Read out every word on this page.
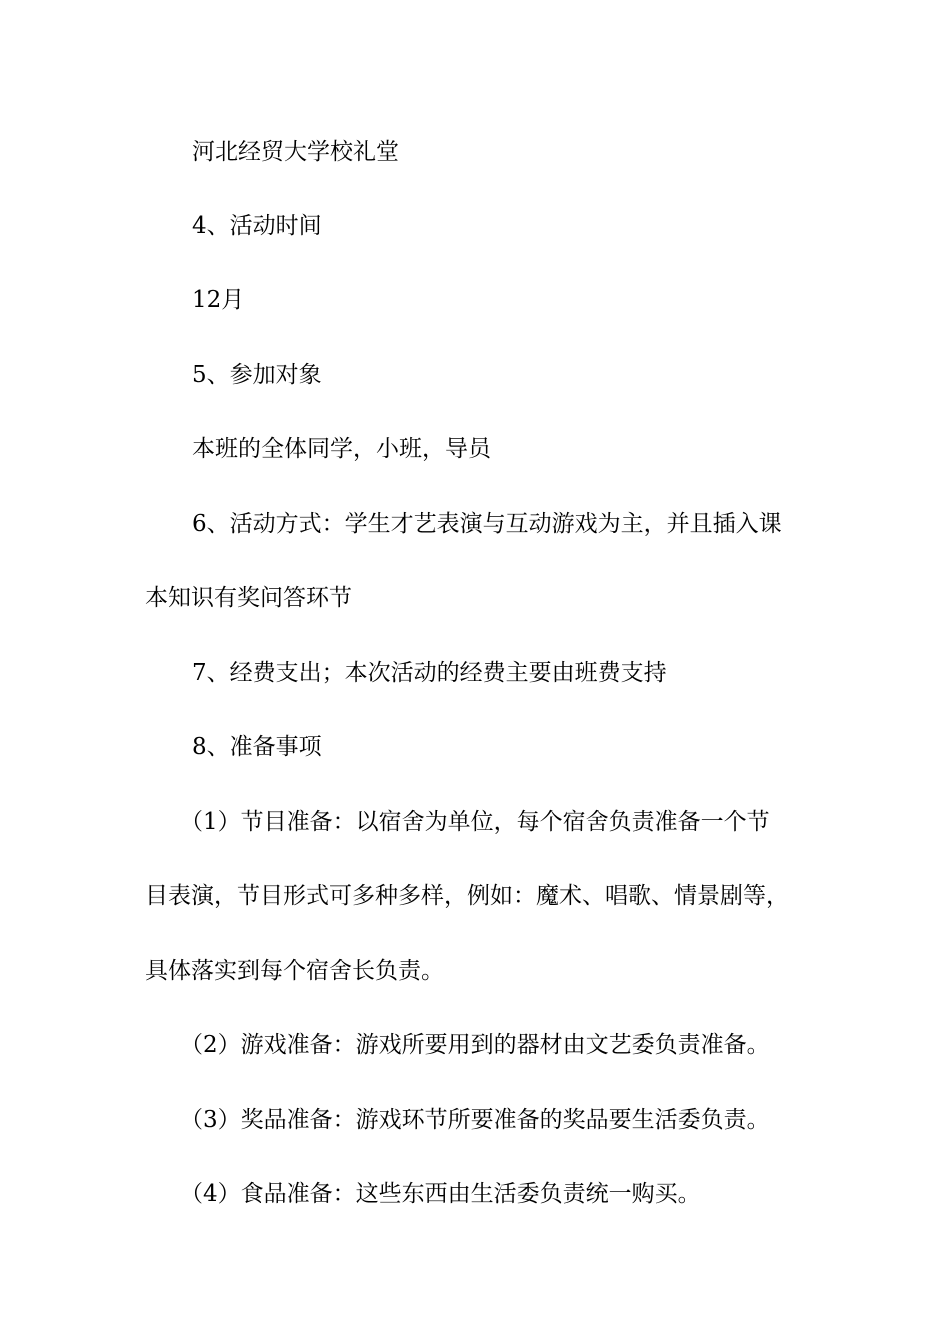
河北经贸大学校礼堂
4、活动时间
12月
5、参加对象
本班的全体同学，小班，导员
6、活动方式：学生才艺表演与互动游戏为主，并且插入课
本知识有奖问答环节
7、经费支出；本次活动的经费主要由班费支持
8、准备事项
（1）节目准备：以宿舍为单位，每个宿舍负责准备一个节
目表演，节目形式可多种多样，例如：魔术、唱歌、情景剧等，
具体落实到每个宿舍长负责。
（2）游戏准备：游戏所要用到的器材由文艺委负责准备。
（3）奖品准备：游戏环节所要准备的奖品要生活委负责。
（4）食品准备：这些东西由生活委负责统一购买。
